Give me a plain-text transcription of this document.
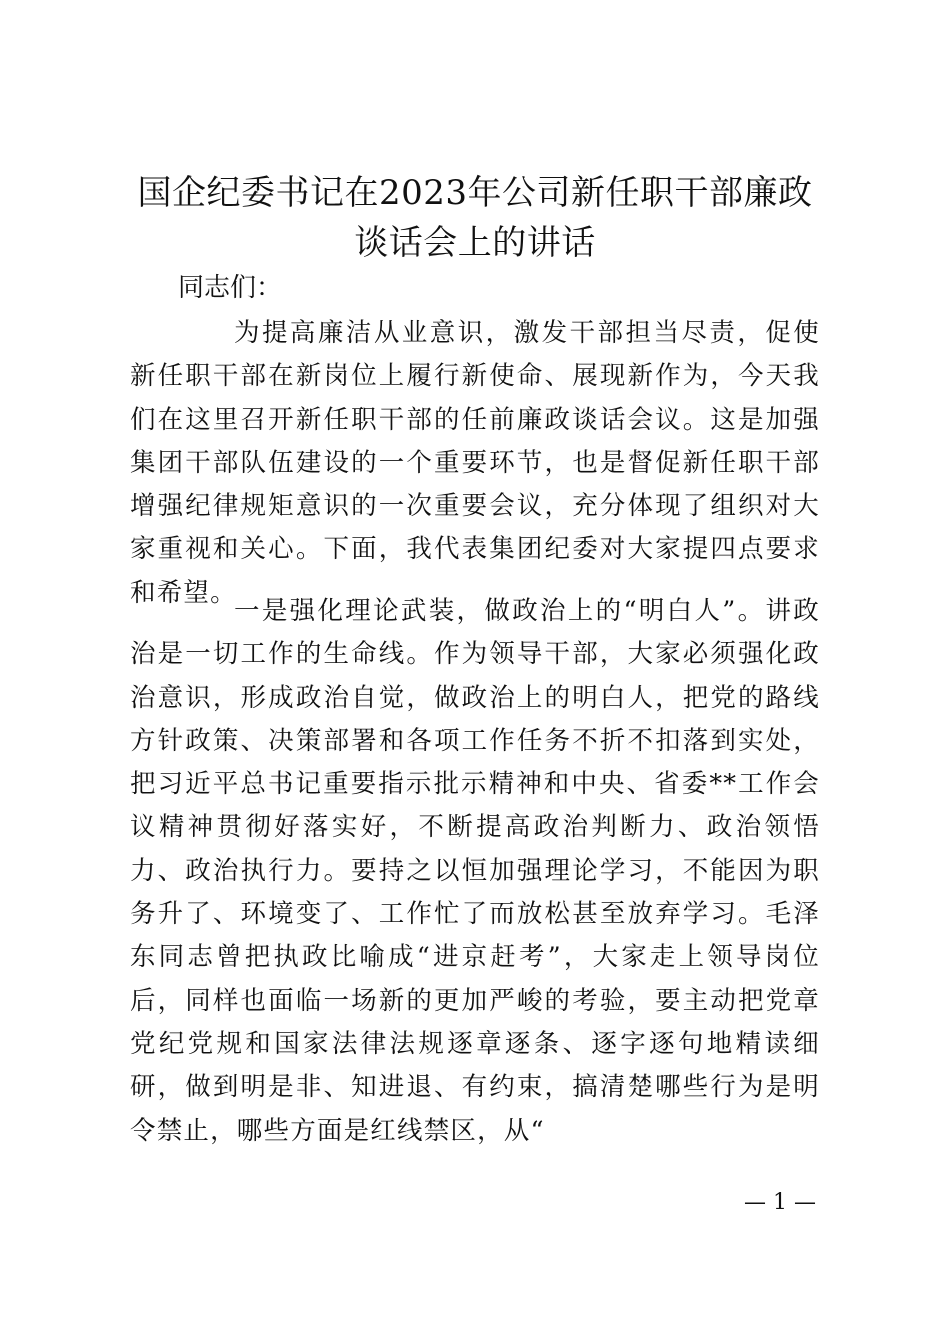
国企纪委书记在2023年公司新任职干部廉政
谈话会上的讲话

同志们：

为提高廉洁从业意识，激发干部担当尽责，促使新任职干部在新岗位上履行新使命、展现新作为，今天我们在这里召开新任职干部的任前廉政谈话会议。这是加强集团干部队伍建设的一个重要环节，也是督促新任职干部增强纪律规矩意识的一次重要会议，充分体现了组织对大家重视和关心。下面，我代表集团纪委对大家提四点要求和希望。

一是强化理论武装，做政治上的“明白人”。讲政治是一切工作的生命线。作为领导干部，大家必须强化政治意识，形成政治自觉，做政治上的明白人，把党的路线方针政策、决策部署和各项工作任务不折不扣落到实处，把习近平总书记重要指示批示精神和中央、省委**工作会议精神贯彻好落实好，不断提高政治判断力、政治领悟力、政治执行力。要持之以恒加强理论学习，不能因为职务升了、环境变了、工作忙了而放松甚至放弃学习。毛泽东同志曾把执政比喻成“进京赶考”，大家走上领导岗位后，同样也面临一场新的更加严峻的考验，要主动把党章党纪党规和国家法律法规逐章逐条、逐字逐句地精读细研，做到明是非、知进退、有约束，搞清楚哪些行为是明令禁止，哪些方面是红线禁区，从“

— 1 —
